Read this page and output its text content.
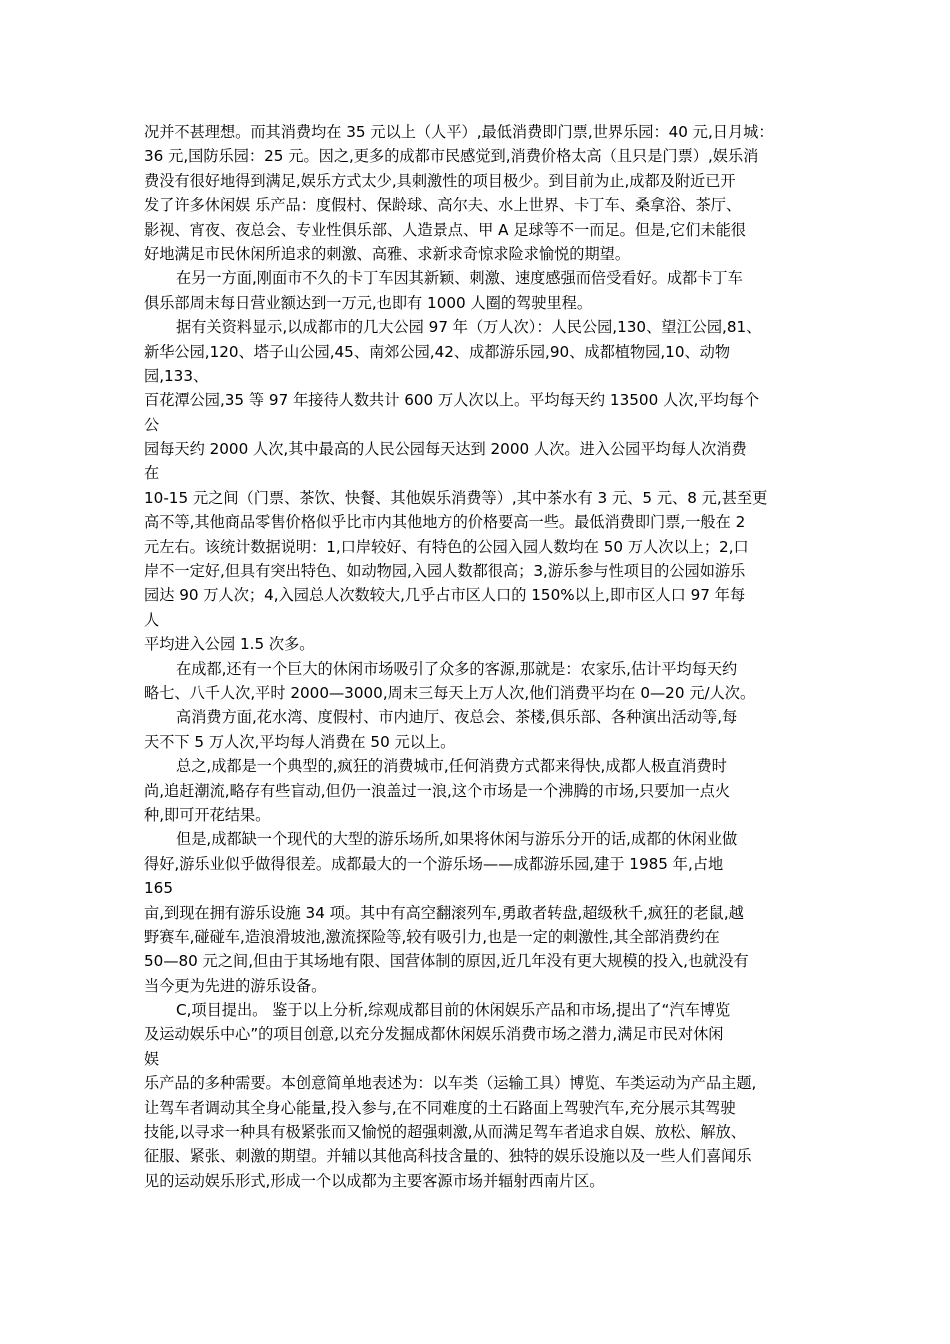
况并不甚理想。而其消费均在 35 元以上（人平）,最低消费即门票,世界乐园：40 元,日月城：
36 元,国防乐园：25 元。因之,更多的成都市民感觉到,消费价格太高（且只是门票）,娱乐消
费没有很好地得到满足,娱乐方式太少,具刺激性的项目极少。到目前为止,成都及附近已开
发了许多休闲娱 乐产品：度假村、保龄球、高尔夫、水上世界、卡丁车、桑拿浴、茶厅、
影视、宵夜、夜总会、专业性俱乐部、人造景点、甲 A 足球等不一而足。但是,它们未能很
好地满足市民休闲所追求的刺激、高雅、求新求奇惊求险求愉悦的期望。
在另一方面,刚面市不久的卡丁车因其新颖、刺激、速度感强而倍受看好。成都卡丁车
俱乐部周末每日营业额达到一万元,也即有 1000 人圈的驾驶里程。
据有关资料显示,以成都市的几大公园 97 年（万人次）：人民公园,130、望江公园,81、
新华公园,120、塔子山公园,45、南郊公园,42、成都游乐园,90、成都植物园,10、动物
园,133、
百花潭公园,35 等 97 年接待人数共计 600 万人次以上。平均每天约 13500 人次,平均每个
公
园每天约 2000 人次,其中最高的人民公园每天达到 2000 人次。进入公园平均每人次消费
在
10-15 元之间（门票、茶饮、快餐、其他娱乐消费等）,其中茶水有 3 元、5 元、8 元,甚至更
高不等,其他商品零售价格似乎比市内其他地方的价格要高一些。最低消费即门票,一般在 2
元左右。该统计数据说明：1,口岸较好、有特色的公园入园人数均在 50 万人次以上；2,口
岸不一定好,但具有突出特色、如动物园,入园人数都很高；3,游乐参与性项目的公园如游乐
园达 90 万人次；4,入园总人次数较大,几乎占市区人口的 150%以上,即市区人口 97 年每
人
平均进入公园 1.5 次多。
在成都,还有一个巨大的休闲市场吸引了众多的客源,那就是：农家乐,估计平均每天约
略七、八千人次,平时 2000—3000,周末三每天上万人次,他们消费平均在 0—20 元/人次。
高消费方面,花水湾、度假村、市内迪厅、夜总会、茶楼,俱乐部、各种演出活动等,每
天不下 5 万人次,平均每人消费在 50 元以上。
总之,成都是一个典型的,疯狂的消费城市,任何消费方式都来得快,成都人极直消费时
尚,追赶潮流,略存有些盲动,但仍一浪盖过一浪,这个市场是一个沸腾的市场,只要加一点火
种,即可开花结果。
但是,成都缺一个现代的大型的游乐场所,如果将休闲与游乐分开的话,成都的休闲业做
得好,游乐业似乎做得很差。成都最大的一个游乐场——成都游乐园,建于 1985 年,占地
165
亩,到现在拥有游乐设施 34 项。其中有高空翻滚列车,勇敢者转盘,超级秋千,疯狂的老鼠,越
野赛车,碰碰车,造浪滑坡池,激流探险等,较有吸引力,也是一定的刺激性,其全部消费约在
50—80 元之间,但由于其场地有限、国营体制的原因,近几年没有更大规模的投入,也就没有
当今更为先进的游乐设备。
C,项目提出。 鉴于以上分析,综观成都目前的休闲娱乐产品和市场,提出了“汽车博览
及运动娱乐中心”的项目创意,以充分发掘成都休闲娱乐消费市场之潜力,满足市民对休闲
娱
乐产品的多种需要。本创意简单地表述为：以车类（运输工具）博览、车类运动为产品主题,
让驾车者调动其全身心能量,投入参与,在不同难度的土石路面上驾驶汽车,充分展示其驾驶
技能,以寻求一种具有极紧张而又愉悦的超强刺激,从而满足驾车者追求自娱、放松、解放、
征服、紧张、刺激的期望。并辅以其他高科技含量的、独特的娱乐设施以及一些人们喜闻乐
见的运动娱乐形式,形成一个以成都为主要客源市场并辐射西南片区。
